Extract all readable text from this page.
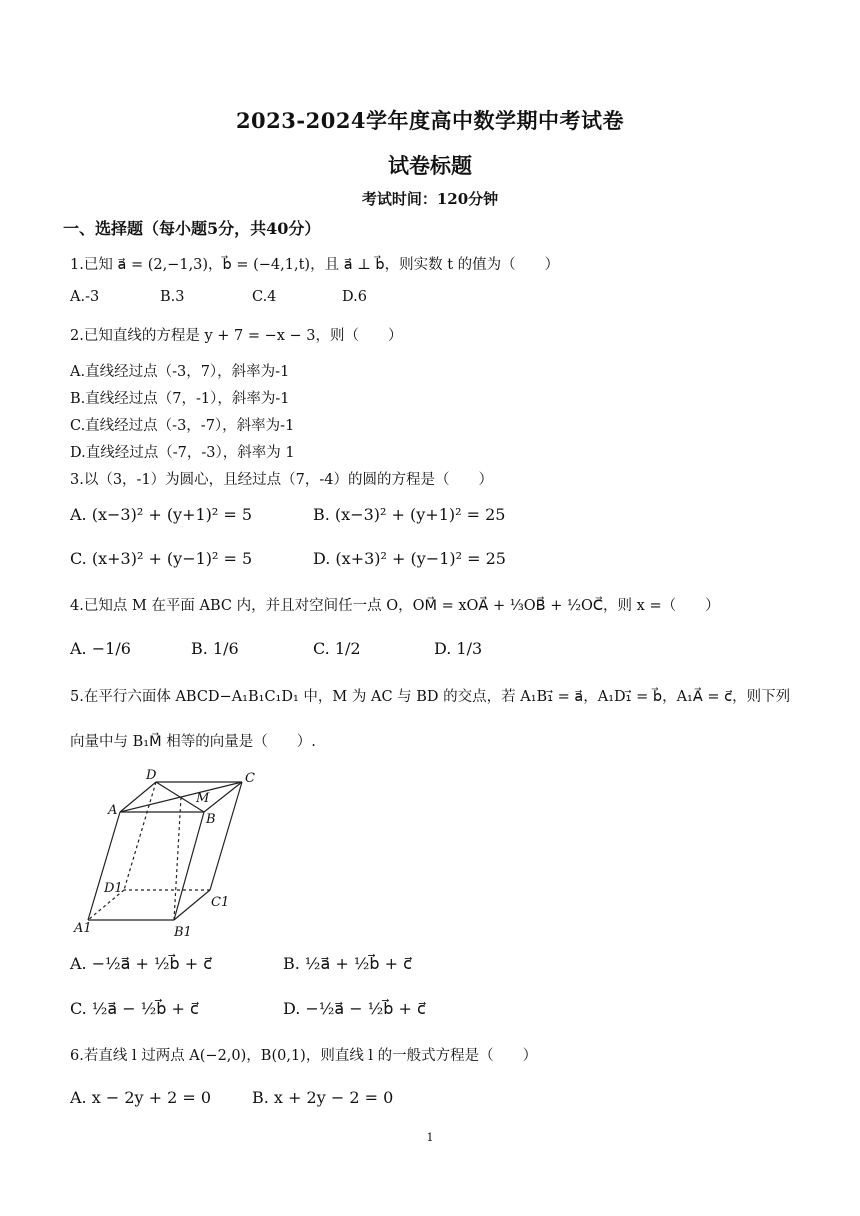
2023-2024学年度高中数学期中考试卷
试卷标题
考试时间：120分钟
一、选择题（每小题5分，共40分）
1.已知 a⃗ = (2,−1,3)，b⃗ = (−4,1,t)，且 a⃗ ⊥ b⃗，则实数 t 的值为（　　）
A.-3	B.3	C.4	D.6
2.已知直线的方程是 y + 7 = −x − 3，则（　　）
A.直线经过点（-3，7），斜率为-1
B.直线经过点（7，-1），斜率为-1
C.直线经过点（-3，-7），斜率为-1
D.直线经过点（-7，-3），斜率为 1
3.以（3，-1）为圆心，且经过点（7，-4）的圆的方程是（　　）
A. (x−3)² + (y+1)² = 5	B. (x−3)² + (y+1)² = 25
C. (x+3)² + (y−1)² = 5	D. (x+3)² + (y−1)² = 25
4.已知点 M 在平面 ABC 内，并且对空间任一点 O，OM⃗ = xOA⃗ + ⅓OB⃗ + ½OC⃗，则 x =（　　）
A. −1/6	B. 1/6	C. 1/2	D. 1/3
5.在平行六面体 ABCD−A₁B₁C₁D₁ 中，M 为 AC 与 BD 的交点，若 A₁B₁⃗ = a⃗，A₁D₁⃗ = b⃗，A₁A⃗ = c⃗，则下列
向量中与 B₁M⃗ 相等的向量是（　　）.
D	C
A
M
B
D1
C1
A1	B1
A. −½a⃗ + ½b⃗ + c⃗	B. ½a⃗ + ½b⃗ + c⃗
C. ½a⃗ − ½b⃗ + c⃗	D. −½a⃗ − ½b⃗ + c⃗
6.若直线 l 过两点 A(−2,0)，B(0,1)，则直线 l 的一般式方程是（　　）
A. x − 2y + 2 = 0	B. x + 2y − 2 = 0
1
